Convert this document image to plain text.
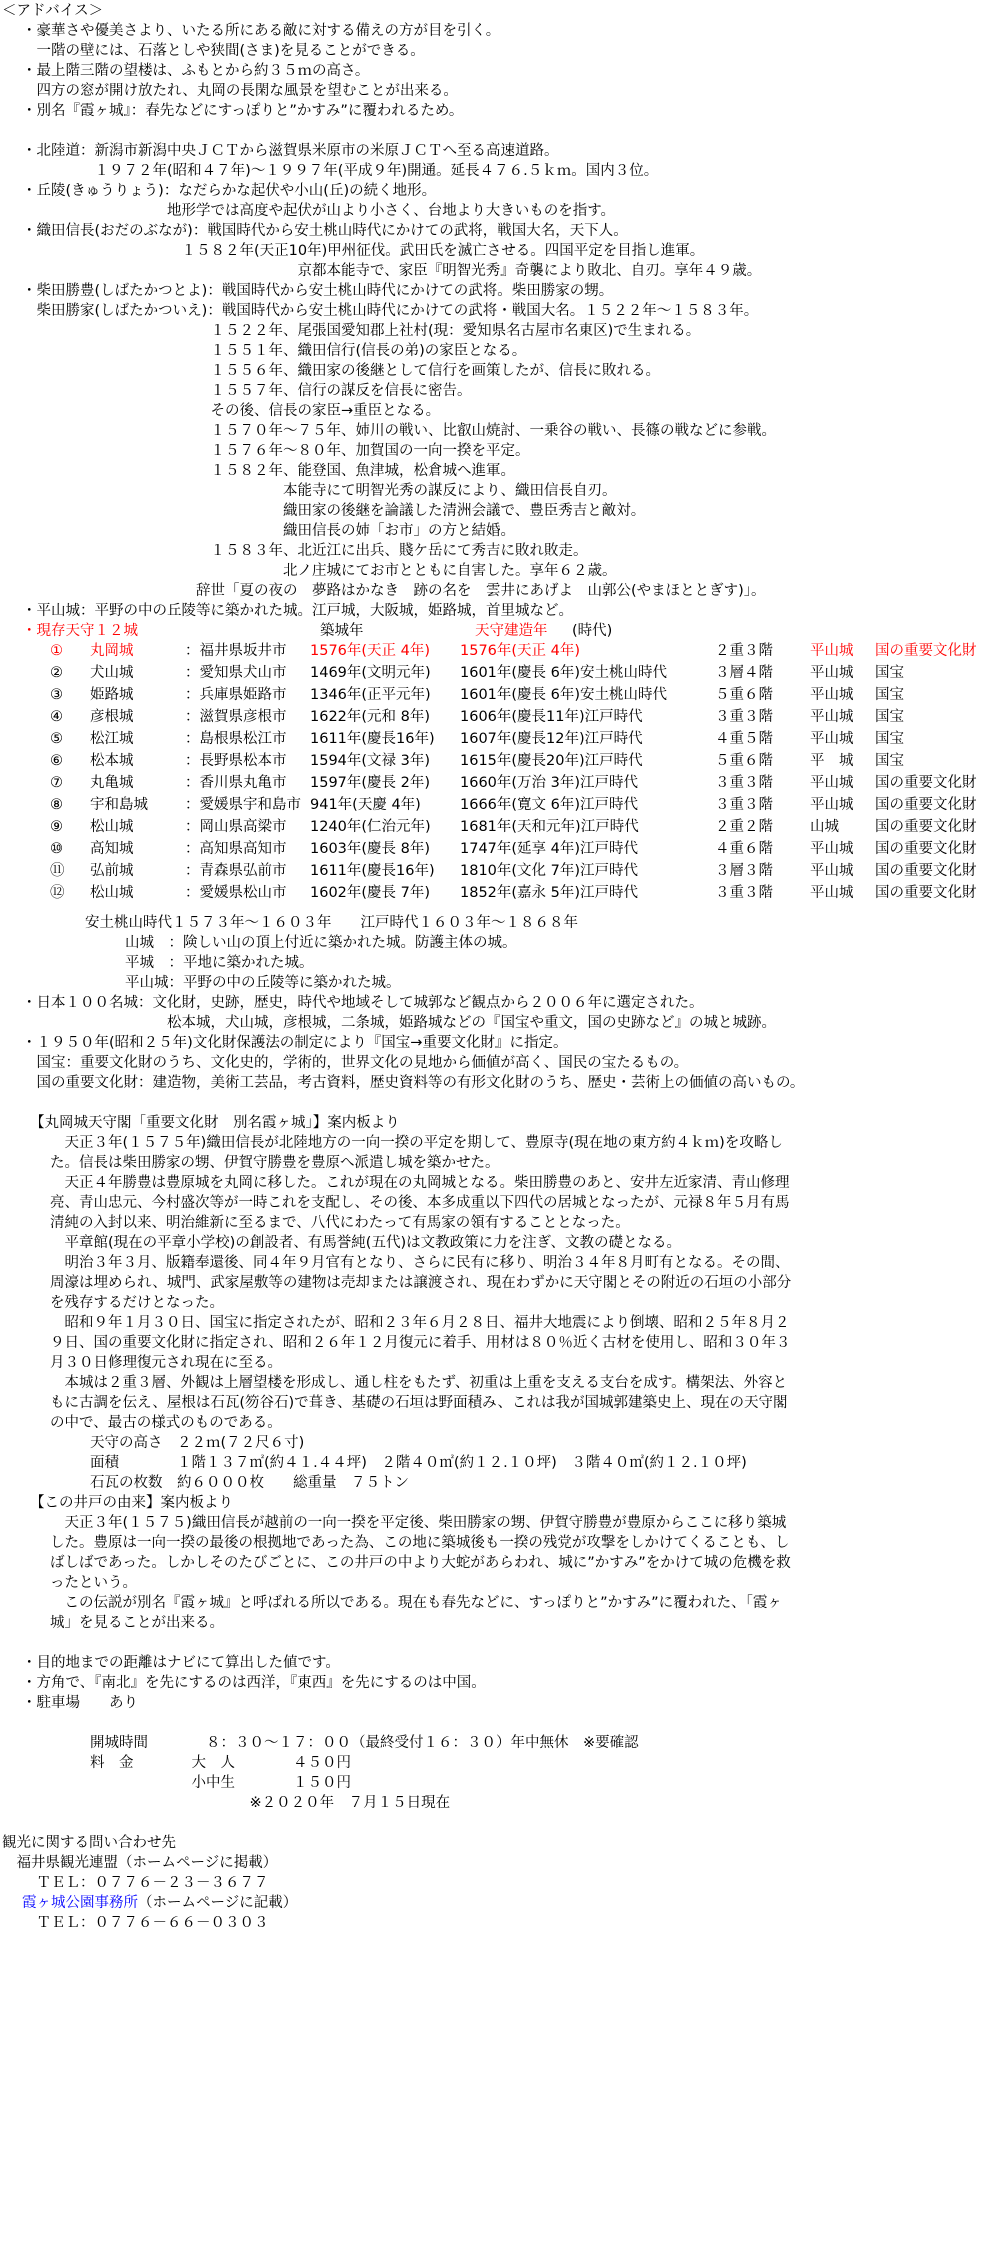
＜アドバイス＞
・豪華さや優美さより、いたる所にある敵に対する備えの方が目を引く。
　一階の壁には、石落としや狭間(さま)を見ることができる。
・最上階三階の望楼は、ふもとから約３５ｍの高さ。
　四方の窓が開け放たれ、丸岡の長閑な風景を望むことが出来る。
・別名『霞ヶ城』：春先などにすっぽりと”かすみ”に覆われるため。
・北陸道：新潟市新潟中央ＪＣＴから滋賀県米原市の米原ＪＣＴへ至る高速道路。
　　　　　１９７２年(昭和４７年)～１９９７年(平成９年)開通。延長４７６.５ｋｍ。国内３位。
・丘陵(きゅうりょう)：なだらかな起伏や小山(丘)の続く地形。
　　　　　　　　　　地形学では高度や起伏が山より小さく、台地より大きいものを指す。
・織田信長(おだのぶなが)：戦国時代から安土桃山時代にかけての武将，戦国大名，天下人。
　　　　　　　　　　　１５８２年(天正10年)甲州征伐。武田氏を滅亡させる。四国平定を目指し進軍。
　　　　　　　　　　　　　　　　　　　京都本能寺で、家臣『明智光秀』奇襲により敗北、自刃。享年４９歳。
・柴田勝豊(しばたかつとよ)：戦国時代から安土桃山時代にかけての武将。柴田勝家の甥。
　柴田勝家(しばたかついえ)：戦国時代から安土桃山時代にかけての武将・戦国大名。１５２２年～１５８３年。
　　　　　　　　　　　　　１５２２年、尾張国愛知郡上社村(現：愛知県名古屋市名東区)で生まれる。
　　　　　　　　　　　　　１５５１年、織田信行(信長の弟)の家臣となる。
　　　　　　　　　　　　　１５５６年、織田家の後継として信行を画策したが、信長に敗れる。
　　　　　　　　　　　　　１５５７年、信行の謀反を信長に密告。
　　　　　　　　　　　　　その後、信長の家臣→重臣となる。
　　　　　　　　　　　　　１５７０年～７５年、姉川の戦い、比叡山焼討、一乗谷の戦い、長篠の戦などに参戦。
　　　　　　　　　　　　　１５７６年～８０年、加賀国の一向一揆を平定。
　　　　　　　　　　　　　１５８２年、能登国、魚津城，松倉城へ進軍。
　　　　　　　　　　　　　　　　　　本能寺にて明智光秀の謀反により、織田信長自刃。
　　　　　　　　　　　　　　　　　　織田家の後継を論議した清洲会議で、豊臣秀吉と敵対。
　　　　　　　　　　　　　　　　　　織田信長の姉「お市」の方と結婚。
　　　　　　　　　　　　　１５８３年、北近江に出兵、賤ケ岳にて秀吉に敗れ敗走。
　　　　　　　　　　　　　　　　　　北ノ庄城にてお市とともに自害した。享年６２歳。
　　　　　　　　　　　　辞世「夏の夜の　夢路はかなき　跡の名を　雲井にあげよ　山郭公(やまほととぎす)」。
・平山城：平野の中の丘陵等に築かれた城。江戸城，大阪城，姫路城，首里城など。
・現存天守１２城	築城年	天守建造年 (時代)
① 丸岡城	：福井県坂井市 1576年(天正 4年) 1576年(天正 4年)	２重３階	平山城 国の重要文化財
② 犬山城	：愛知県犬山市 1469年(文明元年) 1601年(慶長 6年)安土桃山時代	３層４階	平山城 国宝
③ 姫路城	：兵庫県姫路市 1346年(正平元年) 1601年(慶長 6年)安土桃山時代	５重６階	平山城 国宝
④ 彦根城	：滋賀県彦根市 1622年(元和 8年) 1606年(慶長11年)江戸時代	３重３階	平山城 国宝
⑤ 松江城	：島根県松江市 1611年(慶長16年) 1607年(慶長12年)江戸時代	４重５階	平山城 国宝
⑥ 松本城	：長野県松本市 1594年(文禄 3年) 1615年(慶長20年)江戸時代	５重６階	平　城 国宝
⑦ 丸亀城	：香川県丸亀市 1597年(慶長 2年) 1660年(万治 3年)江戸時代	３重３階	平山城 国の重要文化財
⑧ 宇和島城	：愛媛県宇和島市 941年(天慶 4年)	1666年(寛文 6年)江戸時代	３重３階	平山城 国の重要文化財
⑨ 松山城	：岡山県高梁市 1240年(仁治元年) 1681年(天和元年)江戸時代	２重２階	山城 国の重要文化財
⑩ 高知城	：高知県高知市 1603年(慶長 8年) 1747年(延享 4年)江戸時代	４重６階	平山城 国の重要文化財
⑪ 弘前城	：青森県弘前市 1611年(慶長16年) 1810年(文化 7年)江戸時代	３層３階	平山城 国の重要文化財
⑫ 松山城	：愛媛県松山市 1602年(慶長 7年) 1852年(嘉永 5年)江戸時代	３重３階	平山城 国の重要文化財
安土桃山時代１５７３年～１６０３年　　江戸時代１６０３年～１８６８年
山城　：険しい山の頂上付近に築かれた城。防護主体の城。
平城　：平地に築かれた城。
平山城：平野の中の丘陵等に築かれた城。
・日本１００名城：文化財，史跡，歴史，時代や地域そして城郭など観点から２００６年に選定された。
　　　　　　　　　　松本城，犬山城，彦根城，二条城，姫路城などの『国宝や重文，国の史跡など』の城と城跡。
・１９５０年(昭和２５年)文化財保護法の制定により『国宝→重要文化財』に指定。
　国宝：重要文化財のうち、文化史的，学術的，世界文化の見地から価値が高く、国民の宝たるもの。
　国の重要文化財：建造物，美術工芸品，考古資料，歴史資料等の有形文化財のうち、歴史・芸術上の価値の高いもの。
【丸岡城天守閣「重要文化財　別名霞ヶ城」】案内板より
　天正３年(１５７５年)織田信長が北陸地方の一向一揆の平定を期して、豊原寺(現在地の東方約４ｋｍ)を攻略し
た。信長は柴田勝家の甥、伊賀守勝豊を豊原へ派遣し城を築かせた。
　天正４年勝豊は豊原城を丸岡に移した。これが現在の丸岡城となる。柴田勝豊のあと、安井左近家清、青山修理
亮、青山忠元、今村盛次等が一時これを支配し、その後、本多成重以下四代の居城となったが、元禄８年５月有馬
清純の入封以来、明治維新に至るまで、八代にわたって有馬家の領有することとなった。
　平章館(現在の平章小学校)の創設者、有馬誉純(五代)は文教政策に力を注ぎ、文教の礎となる。
　明治３年３月、版籍奉還後、同４年９月官有となり、さらに民有に移り、明治３４年８月町有となる。その間、
周濠は埋められ、城門、武家屋敷等の建物は売却または譲渡され、現在わずかに天守閣とその附近の石垣の小部分
を残存するだけとなった。
　昭和９年１月３０日、国宝に指定されたが、昭和２３年６月２８日、福井大地震により倒壊、昭和２５年８月２
９日、国の重要文化財に指定され、昭和２６年１２月復元に着手、用材は８０％近く古材を使用し、昭和３０年３
月３０日修理復元され現在に至る。
　本城は２重３層、外観は上層望楼を形成し、通し柱をもたず、初重は上重を支える支台を成す。構架法、外容と
もに古調を伝え、屋根は石瓦(笏谷石)で葺き、基礎の石垣は野面積み、これは我が国城郭建築史上、現在の天守閣
の中で、最古の様式のものである。
天守の高さ　２２ｍ(７２尺６寸)
面積　　　　１階１３７㎡(約４１.４４坪)　２階４０㎡(約１２.１０坪)　３階４０㎡(約１２.１０坪)
石瓦の枚数　約６０００枚　　総重量　７５トン
【この井戸の由来】案内板より
　天正３年(１５７５)織田信長が越前の一向一揆を平定後、柴田勝家の甥、伊賀守勝豊が豊原からここに移り築城
した。豊原は一向一揆の最後の根拠地であった為、この地に築城後も一揆の残党が攻撃をしかけてくることも、し
ばしばであった。しかしそのたびごとに、この井戸の中より大蛇があらわれ、城に”かすみ”をかけて城の危機を救
ったという。
　この伝説が別名『霞ヶ城』と呼ばれる所以である。現在も春先などに、すっぽりと”かすみ”に覆われた、「霞ヶ
城」を見ることが出来る。
・目的地までの距離はナビにて算出した値です。
・方角で、『南北』を先にするのは西洋，『東西』を先にするのは中国。
・駐車場　　あり
開城時間　　　　８：３０～１７：００（最終受付１６：３０）年中無休　※要確認
料　金　　　　大　人　　　　４５０円
　　　　　　　小中生　　　　１５０円
　　　　　　　　　　　※２０２０年　７月１５日現在
観光に関する問い合わせ先
　福井県観光連盟（ホームページに掲載）
　ＴＥＬ：０７７６－２３－３６７７
霞ヶ城公園事務所（ホームページに記載）
　ＴＥＬ：０７７６－６６－０３０３
